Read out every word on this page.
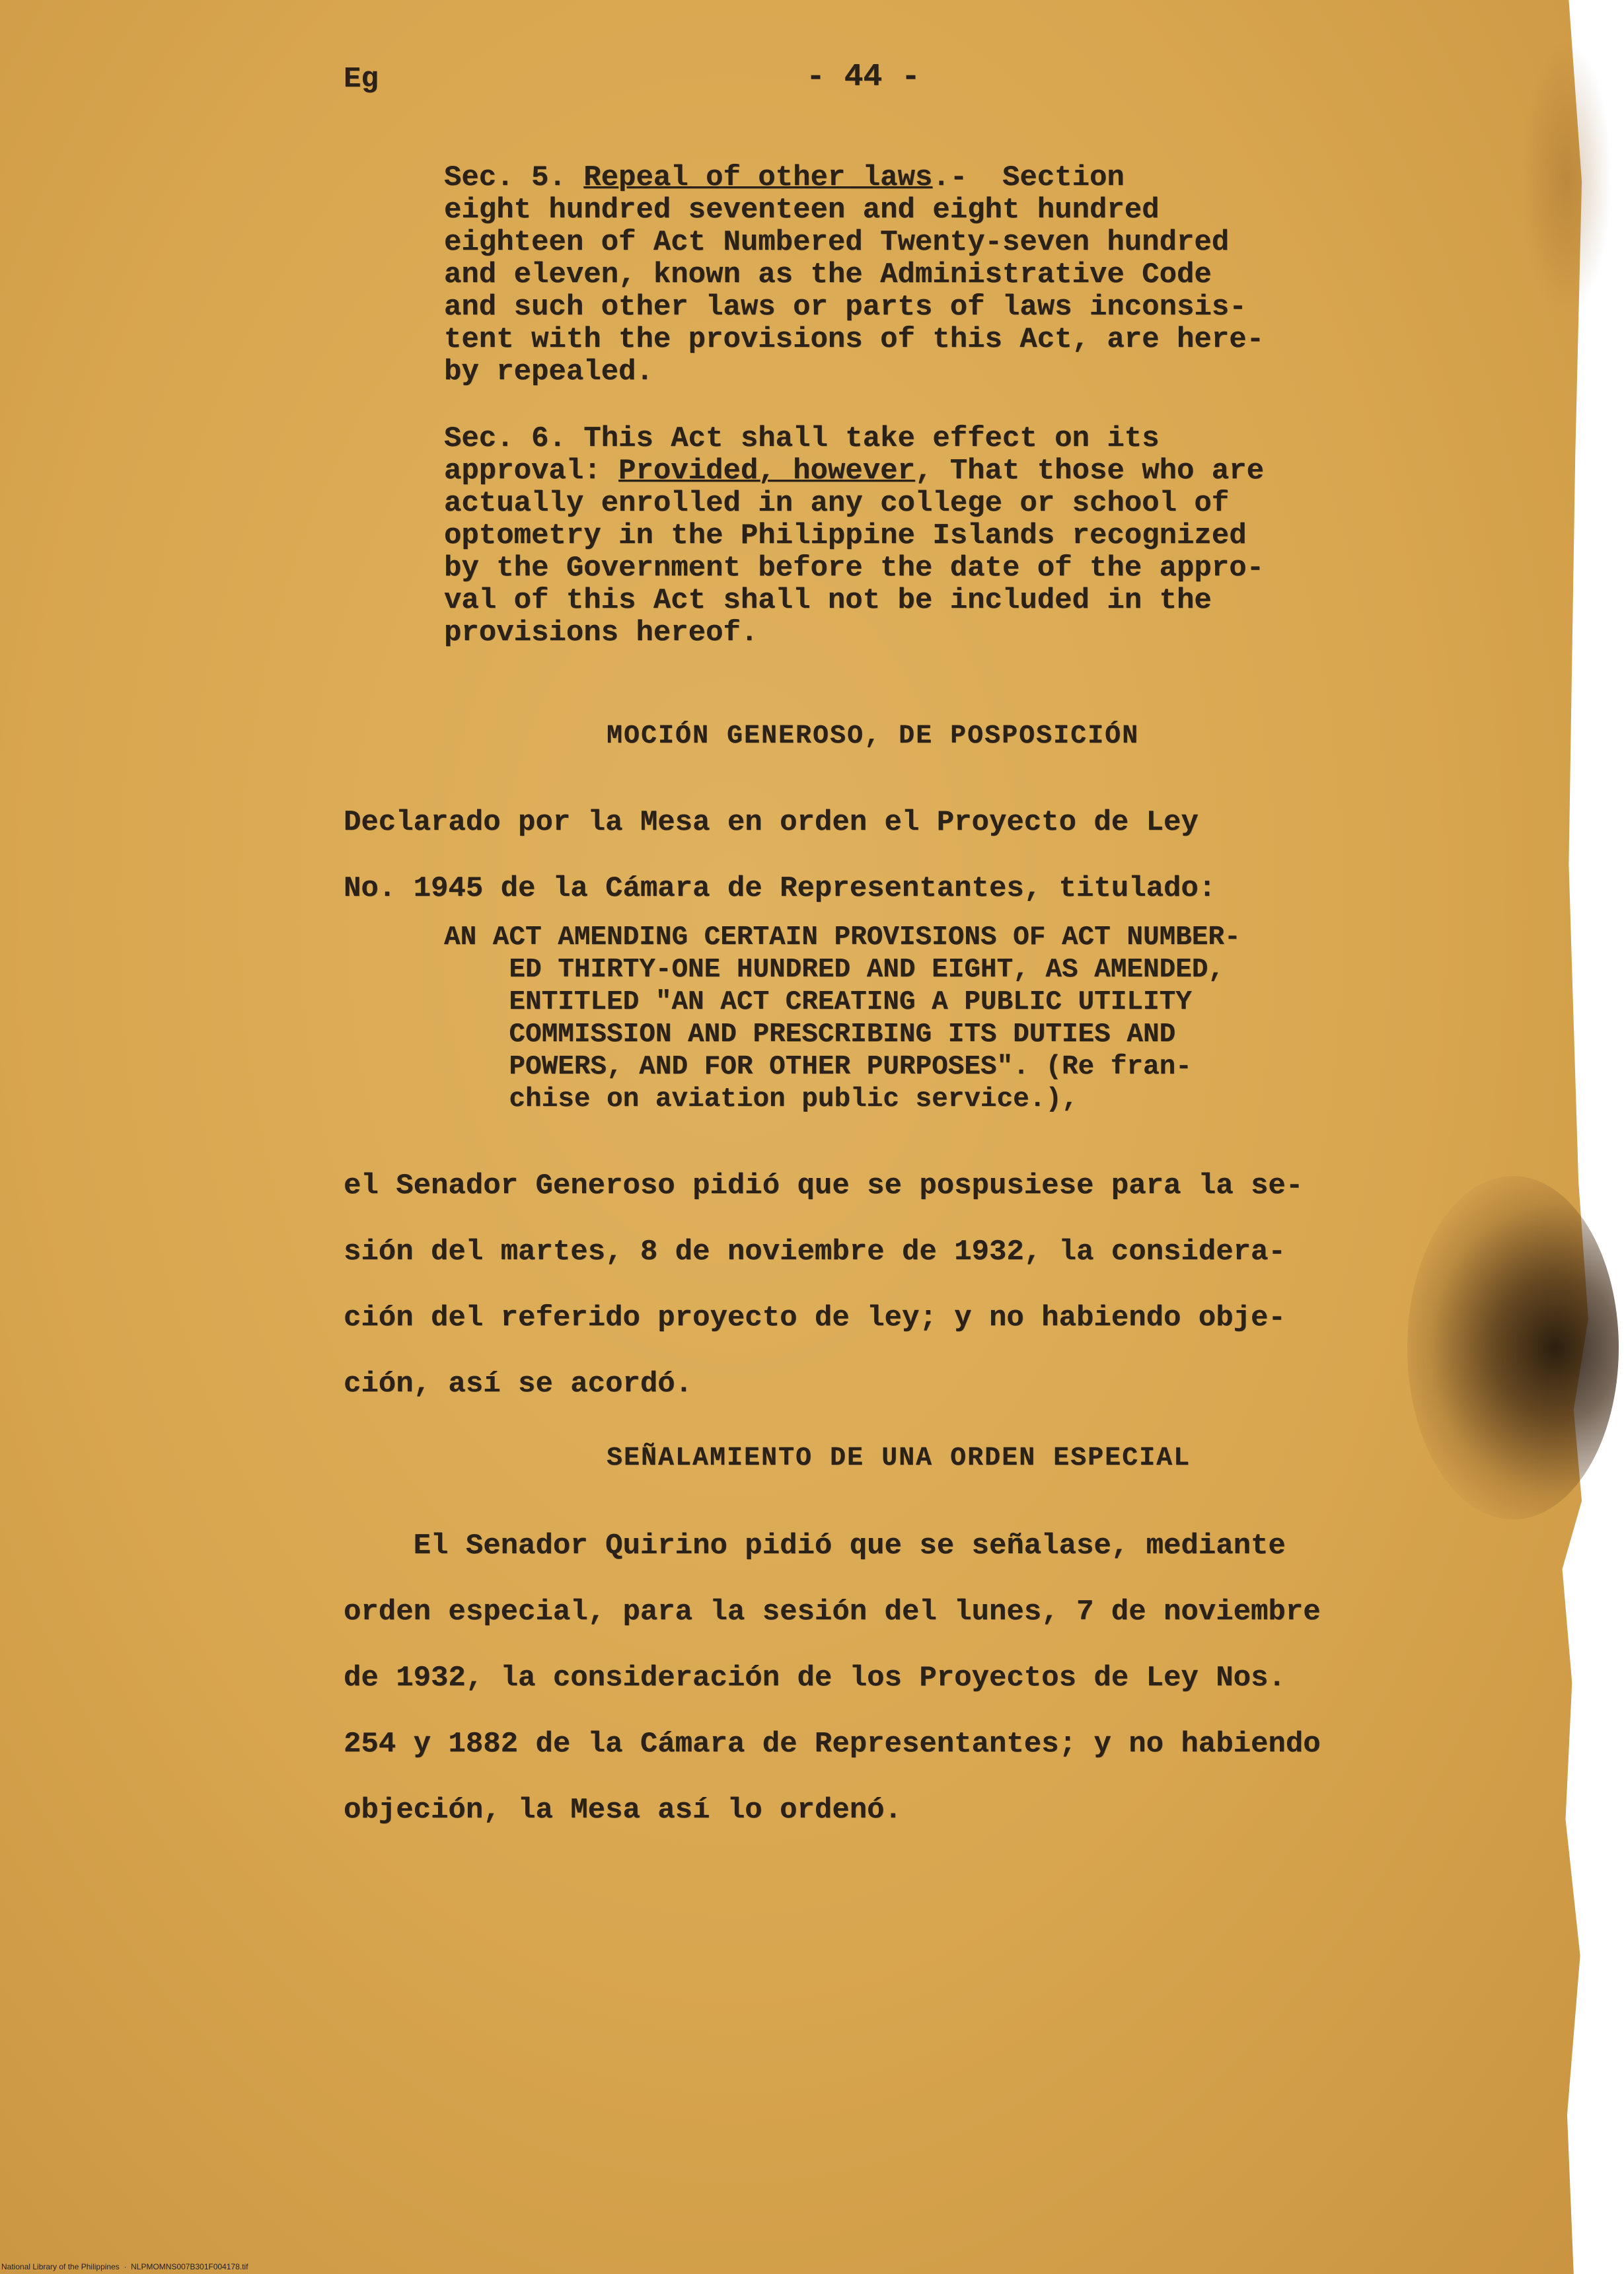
Eg	- 44 -

Sec. 5. Repeal of other laws.-  Section
eight hundred seventeen and eight hundred
eighteen of Act Numbered Twenty-seven hundred
and eleven, known as the Administrative Code
and such other laws or parts of laws inconsis-
tent with the provisions of this Act, are here-
by repealed.
Sec. 6. This Act shall take effect on its
approval: Provided, however, That those who are
actually enrolled in any college or school of
optometry in the Philippine Islands recognized
by the Government before the date of the appro-
val of this Act shall not be included in the
provisions hereof.

MOCIÓN GENEROSO, DE POSPOSICIÓN

Declarado por la Mesa en orden el Proyecto de Ley
No. 1945 de la Cámara de Representantes, titulado:
AN ACT AMENDING CERTAIN PROVISIONS OF ACT NUMBER-
ED THIRTY-ONE HUNDRED AND EIGHT, AS AMENDED,
ENTITLED "AN ACT CREATING A PUBLIC UTILITY
COMMISSION AND PRESCRIBING ITS DUTIES AND
POWERS, AND FOR OTHER PURPOSES". (Re fran-
chise on aviation public service.),
el Senador Generoso pidió que se pospusiese para la se-
sión del martes, 8 de noviembre de 1932, la considera-
ción del referido proyecto de ley; y no habiendo obje-
ción, así se acordó.

SEÑALAMIENTO DE UNA ORDEN ESPECIAL

El Senador Quirino pidió que se señalase, mediante
orden especial, para la sesión del lunes, 7 de noviembre
de 1932, la consideración de los Proyectos de Ley Nos.
254 y 1882 de la Cámara de Representantes; y no habiendo
objeción, la Mesa así lo ordenó.
National Library of the Philippines  ·  NLPMOMNS007B301F004178.tif
